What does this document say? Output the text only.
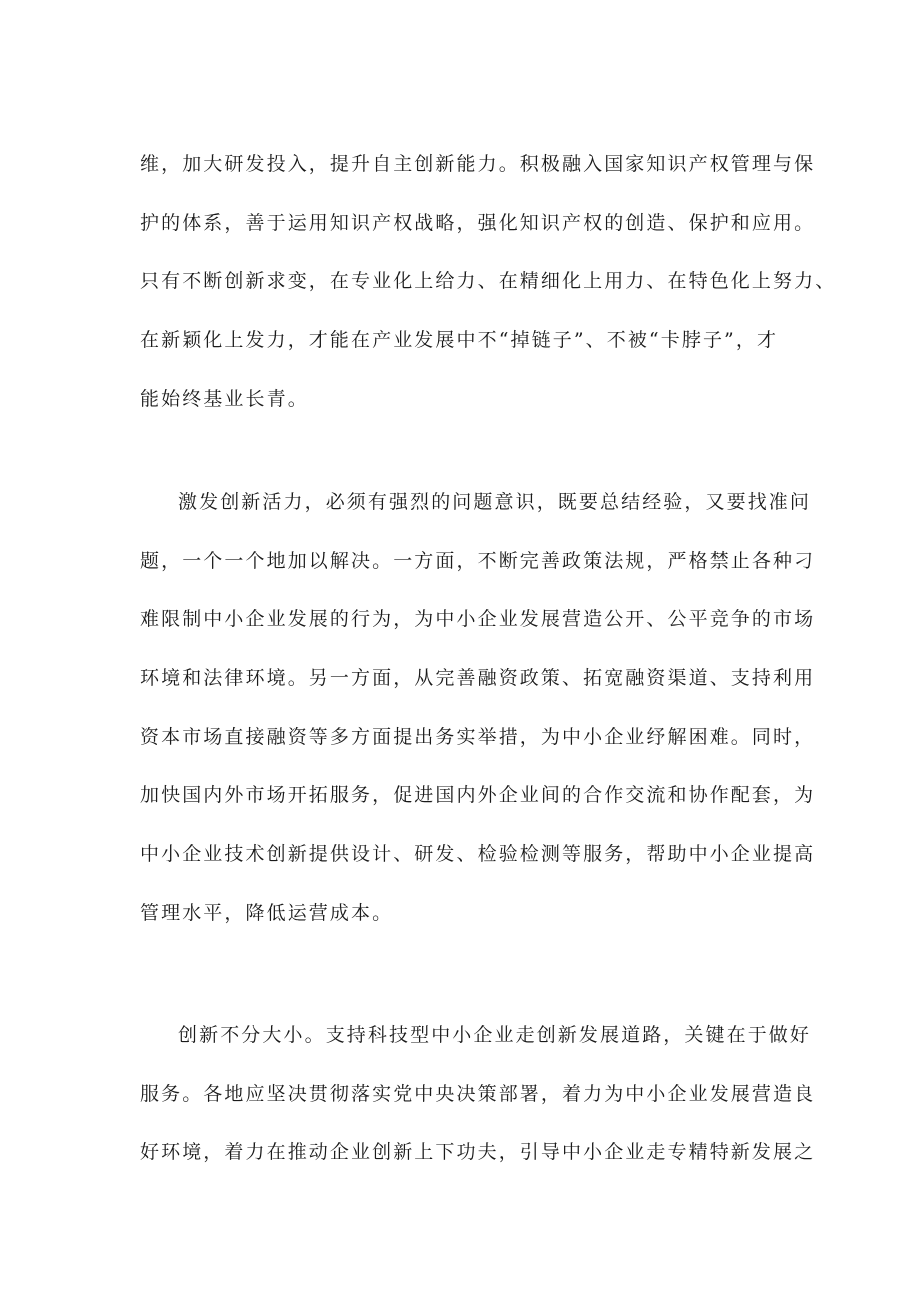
维，加大研发投入，提升自主创新能力。积极融入国家知识产权管理与保
护的体系，善于运用知识产权战略，强化知识产权的创造、保护和应用。
只有不断创新求变，在专业化上给力、在精细化上用力、在特色化上努力、
在新颖化上发力，才能在产业发展中不“掉链子”、不被“卡脖子”，才
能始终基业长青。
激发创新活力，必须有强烈的问题意识，既要总结经验，又要找准问
题，一个一个地加以解决。一方面，不断完善政策法规，严格禁止各种刁
难限制中小企业发展的行为，为中小企业发展营造公开、公平竞争的市场
环境和法律环境。另一方面，从完善融资政策、拓宽融资渠道、支持利用
资本市场直接融资等多方面提出务实举措，为中小企业纾解困难。同时，
加快国内外市场开拓服务，促进国内外企业间的合作交流和协作配套，为
中小企业技术创新提供设计、研发、检验检测等服务，帮助中小企业提高
管理水平，降低运营成本。
创新不分大小。支持科技型中小企业走创新发展道路，关键在于做好
服务。各地应坚决贯彻落实党中央决策部署，着力为中小企业发展营造良
好环境，着力在推动企业创新上下功夫，引导中小企业走专精特新发展之
